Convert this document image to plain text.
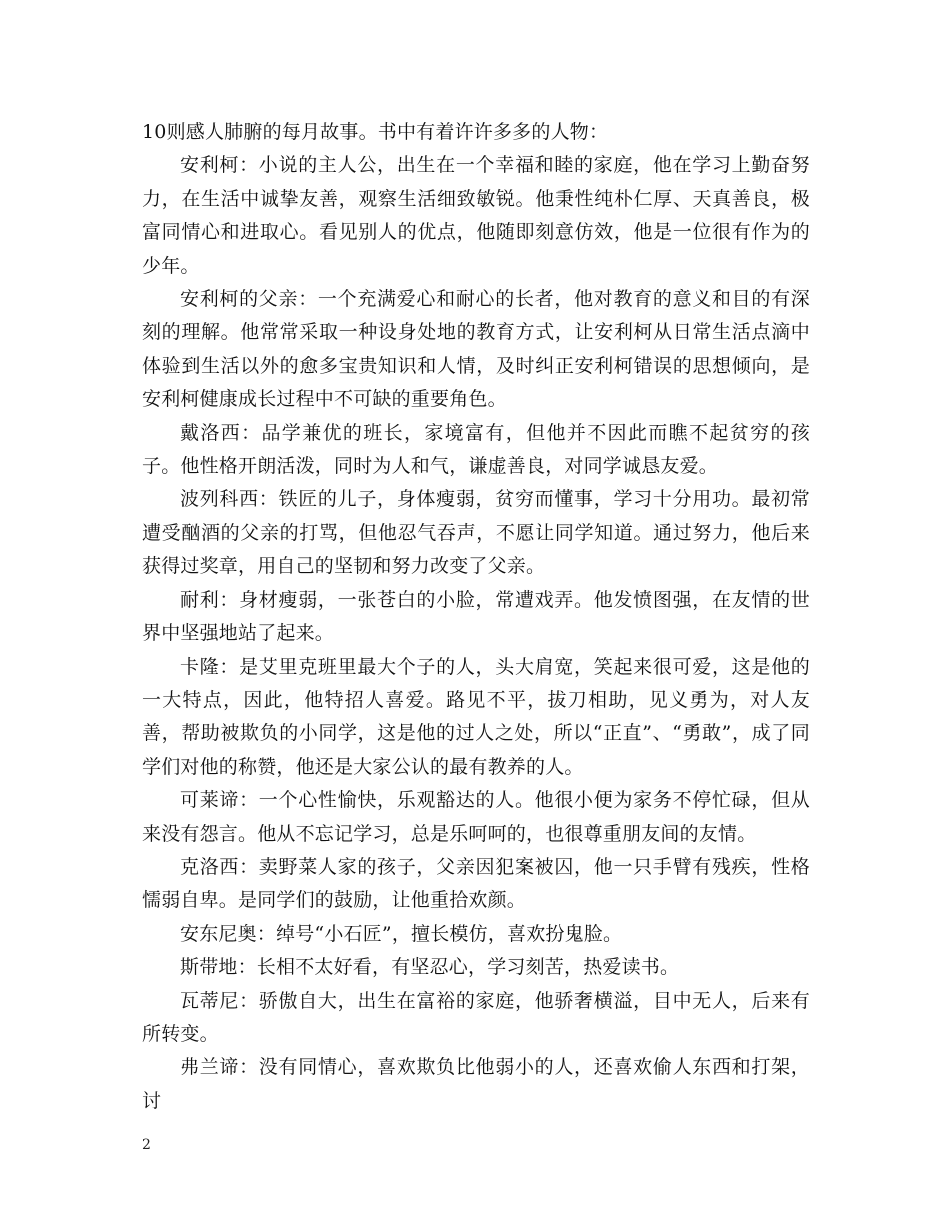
10则感人肺腑的每月故事。书中有着许许多多的人物：

安利柯：小说的主人公，出生在一个幸福和睦的家庭，他在学习上勤奋努力，在生活中诚挚友善，观察生活细致敏锐。他秉性纯朴仁厚、天真善良，极富同情心和进取心。看见别人的优点，他随即刻意仿效，他是一位很有作为的少年。

安利柯的父亲：一个充满爱心和耐心的长者，他对教育的意义和目的有深刻的理解。他常常采取一种设身处地的教育方式，让安利柯从日常生活点滴中体验到生活以外的愈多宝贵知识和人情，及时纠正安利柯错误的思想倾向，是安利柯健康成长过程中不可缺的重要角色。

戴洛西：品学兼优的班长，家境富有，但他并不因此而瞧不起贫穷的孩子。他性格开朗活泼，同时为人和气，谦虚善良，对同学诚恳友爱。

波列科西：铁匠的儿子，身体瘦弱，贫穷而懂事，学习十分用功。最初常遭受酗酒的父亲的打骂，但他忍气吞声，不愿让同学知道。通过努力，他后来获得过奖章，用自己的坚韧和努力改变了父亲。

耐利：身材瘦弱，一张苍白的小脸，常遭戏弄。他发愤图强，在友情的世界中坚强地站了起来。

卡隆：是艾里克班里最大个子的人，头大肩宽，笑起来很可爱，这是他的一大特点，因此，他特招人喜爱。路见不平，拔刀相助，见义勇为，对人友善，帮助被欺负的小同学，这是他的过人之处，所以“正直”、“勇敢”，成了同学们对他的称赞，他还是大家公认的最有教养的人。

可莱谛：一个心性愉快，乐观豁达的人。他很小便为家务不停忙碌，但从来没有怨言。他从不忘记学习，总是乐呵呵的，也很尊重朋友间的友情。

克洛西：卖野菜人家的孩子，父亲因犯案被囚，他一只手臂有残疾，性格懦弱自卑。是同学们的鼓励，让他重拾欢颜。

安东尼奥：绰号“小石匠”，擅长模仿，喜欢扮鬼脸。

斯带地：长相不太好看，有坚忍心，学习刻苦，热爱读书。

瓦蒂尼：骄傲自大，出生在富裕的家庭，他骄奢横溢，目中无人，后来有所转变。

弗兰谛：没有同情心，喜欢欺负比他弱小的人，还喜欢偷人东西和打架，讨

2
